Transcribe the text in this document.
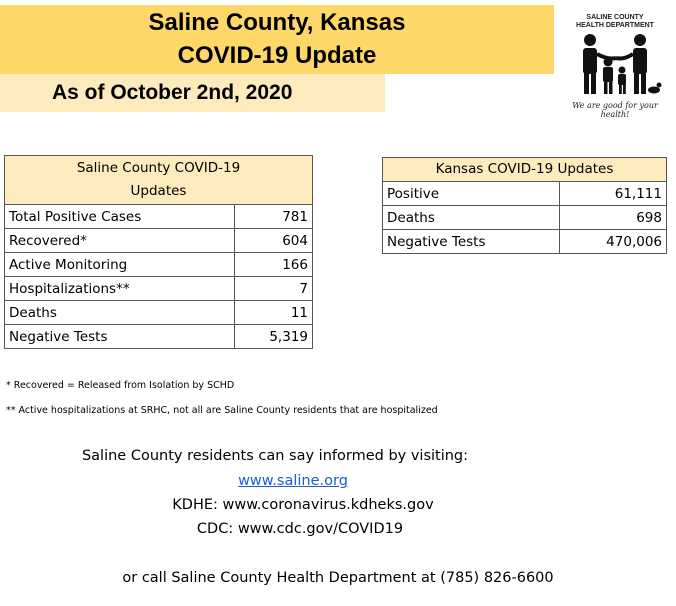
Saline County, Kansas
COVID-19 Update
As of October 2nd, 2020
SALINE COUNTY
HEALTH DEPARTMENT
We are good for your health!
Saline County COVID-19
Updates	
Total Positive Cases	781
Recovered*	604
Active Monitoring	166
Hospitalizations**	7
Deaths	11
Negative Tests	5,319
Kansas COVID-19 Updates	
Positive	61,111
Deaths	698
Negative Tests	470,006
* Recovered = Released from Isolation by SCHD
** Active hospitalizations at SRHC, not all are Saline County residents that are hospitalized
Saline County residents can say informed by visiting:
www.saline.org
KDHE: www.coronavirus.kdheks.gov
CDC: www.cdc.gov/COVID19
or call Saline County Health Department at (785) 826-6600
